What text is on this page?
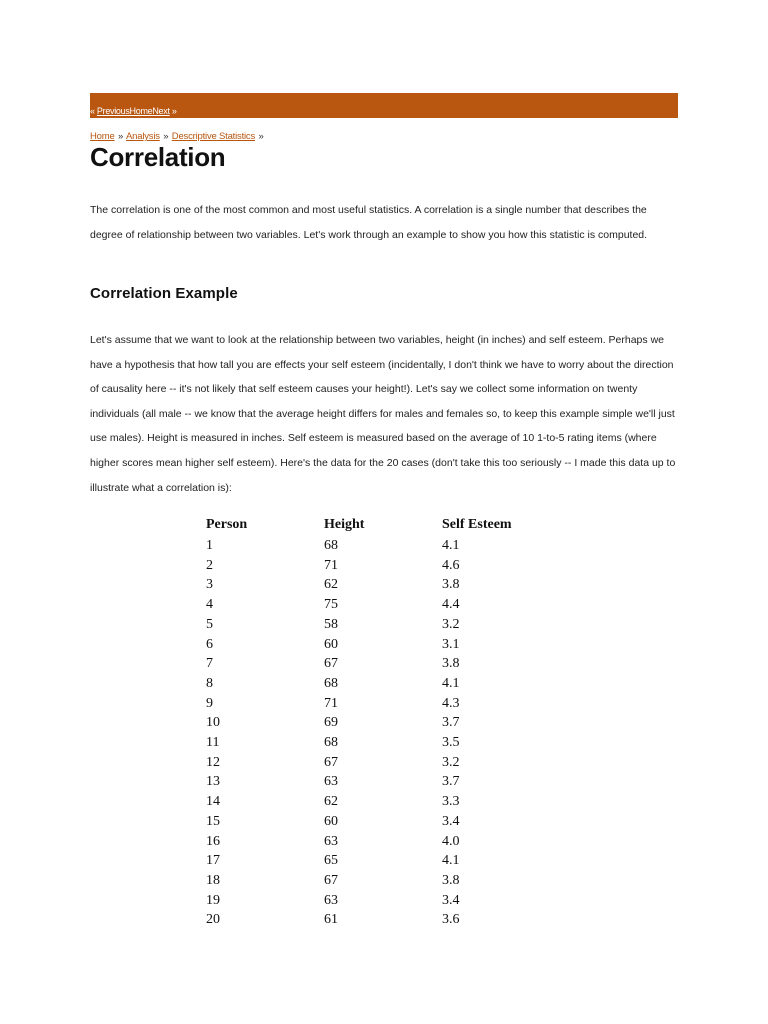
« PreviousHomeNext »
Home » Analysis » Descriptive Statistics »
Correlation

The correlation is one of the most common and most useful statistics. A correlation is a single number that describes the degree of relationship between two variables. Let's work through an example to show you how this statistic is computed.

Correlation Example

Let's assume that we want to look at the relationship between two variables, height (in inches) and self esteem. Perhaps we have a hypothesis that how tall you are effects your self esteem (incidentally, I don't think we have to worry about the direction of causality here -- it's not likely that self esteem causes your height!). Let's say we collect some information on twenty individuals (all male -- we know that the average height differs for males and females so, to keep this example simple we'll just use males). Height is measured in inches. Self esteem is measured based on the average of 10 1-to-5 rating items (where higher scores mean higher self esteem). Here's the data for the 20 cases (don't take this too seriously -- I made this data up to illustrate what a correlation is):

Person	Height	Self Esteem
1	68	4.1
2	71	4.6
3	62	3.8
4	75	4.4
5	58	3.2
6	60	3.1
7	67	3.8
8	68	4.1
9	71	4.3
10	69	3.7
11	68	3.5
12	67	3.2
13	63	3.7
14	62	3.3
15	60	3.4
16	63	4.0
17	65	4.1
18	67	3.8
19	63	3.4
20	61	3.6
